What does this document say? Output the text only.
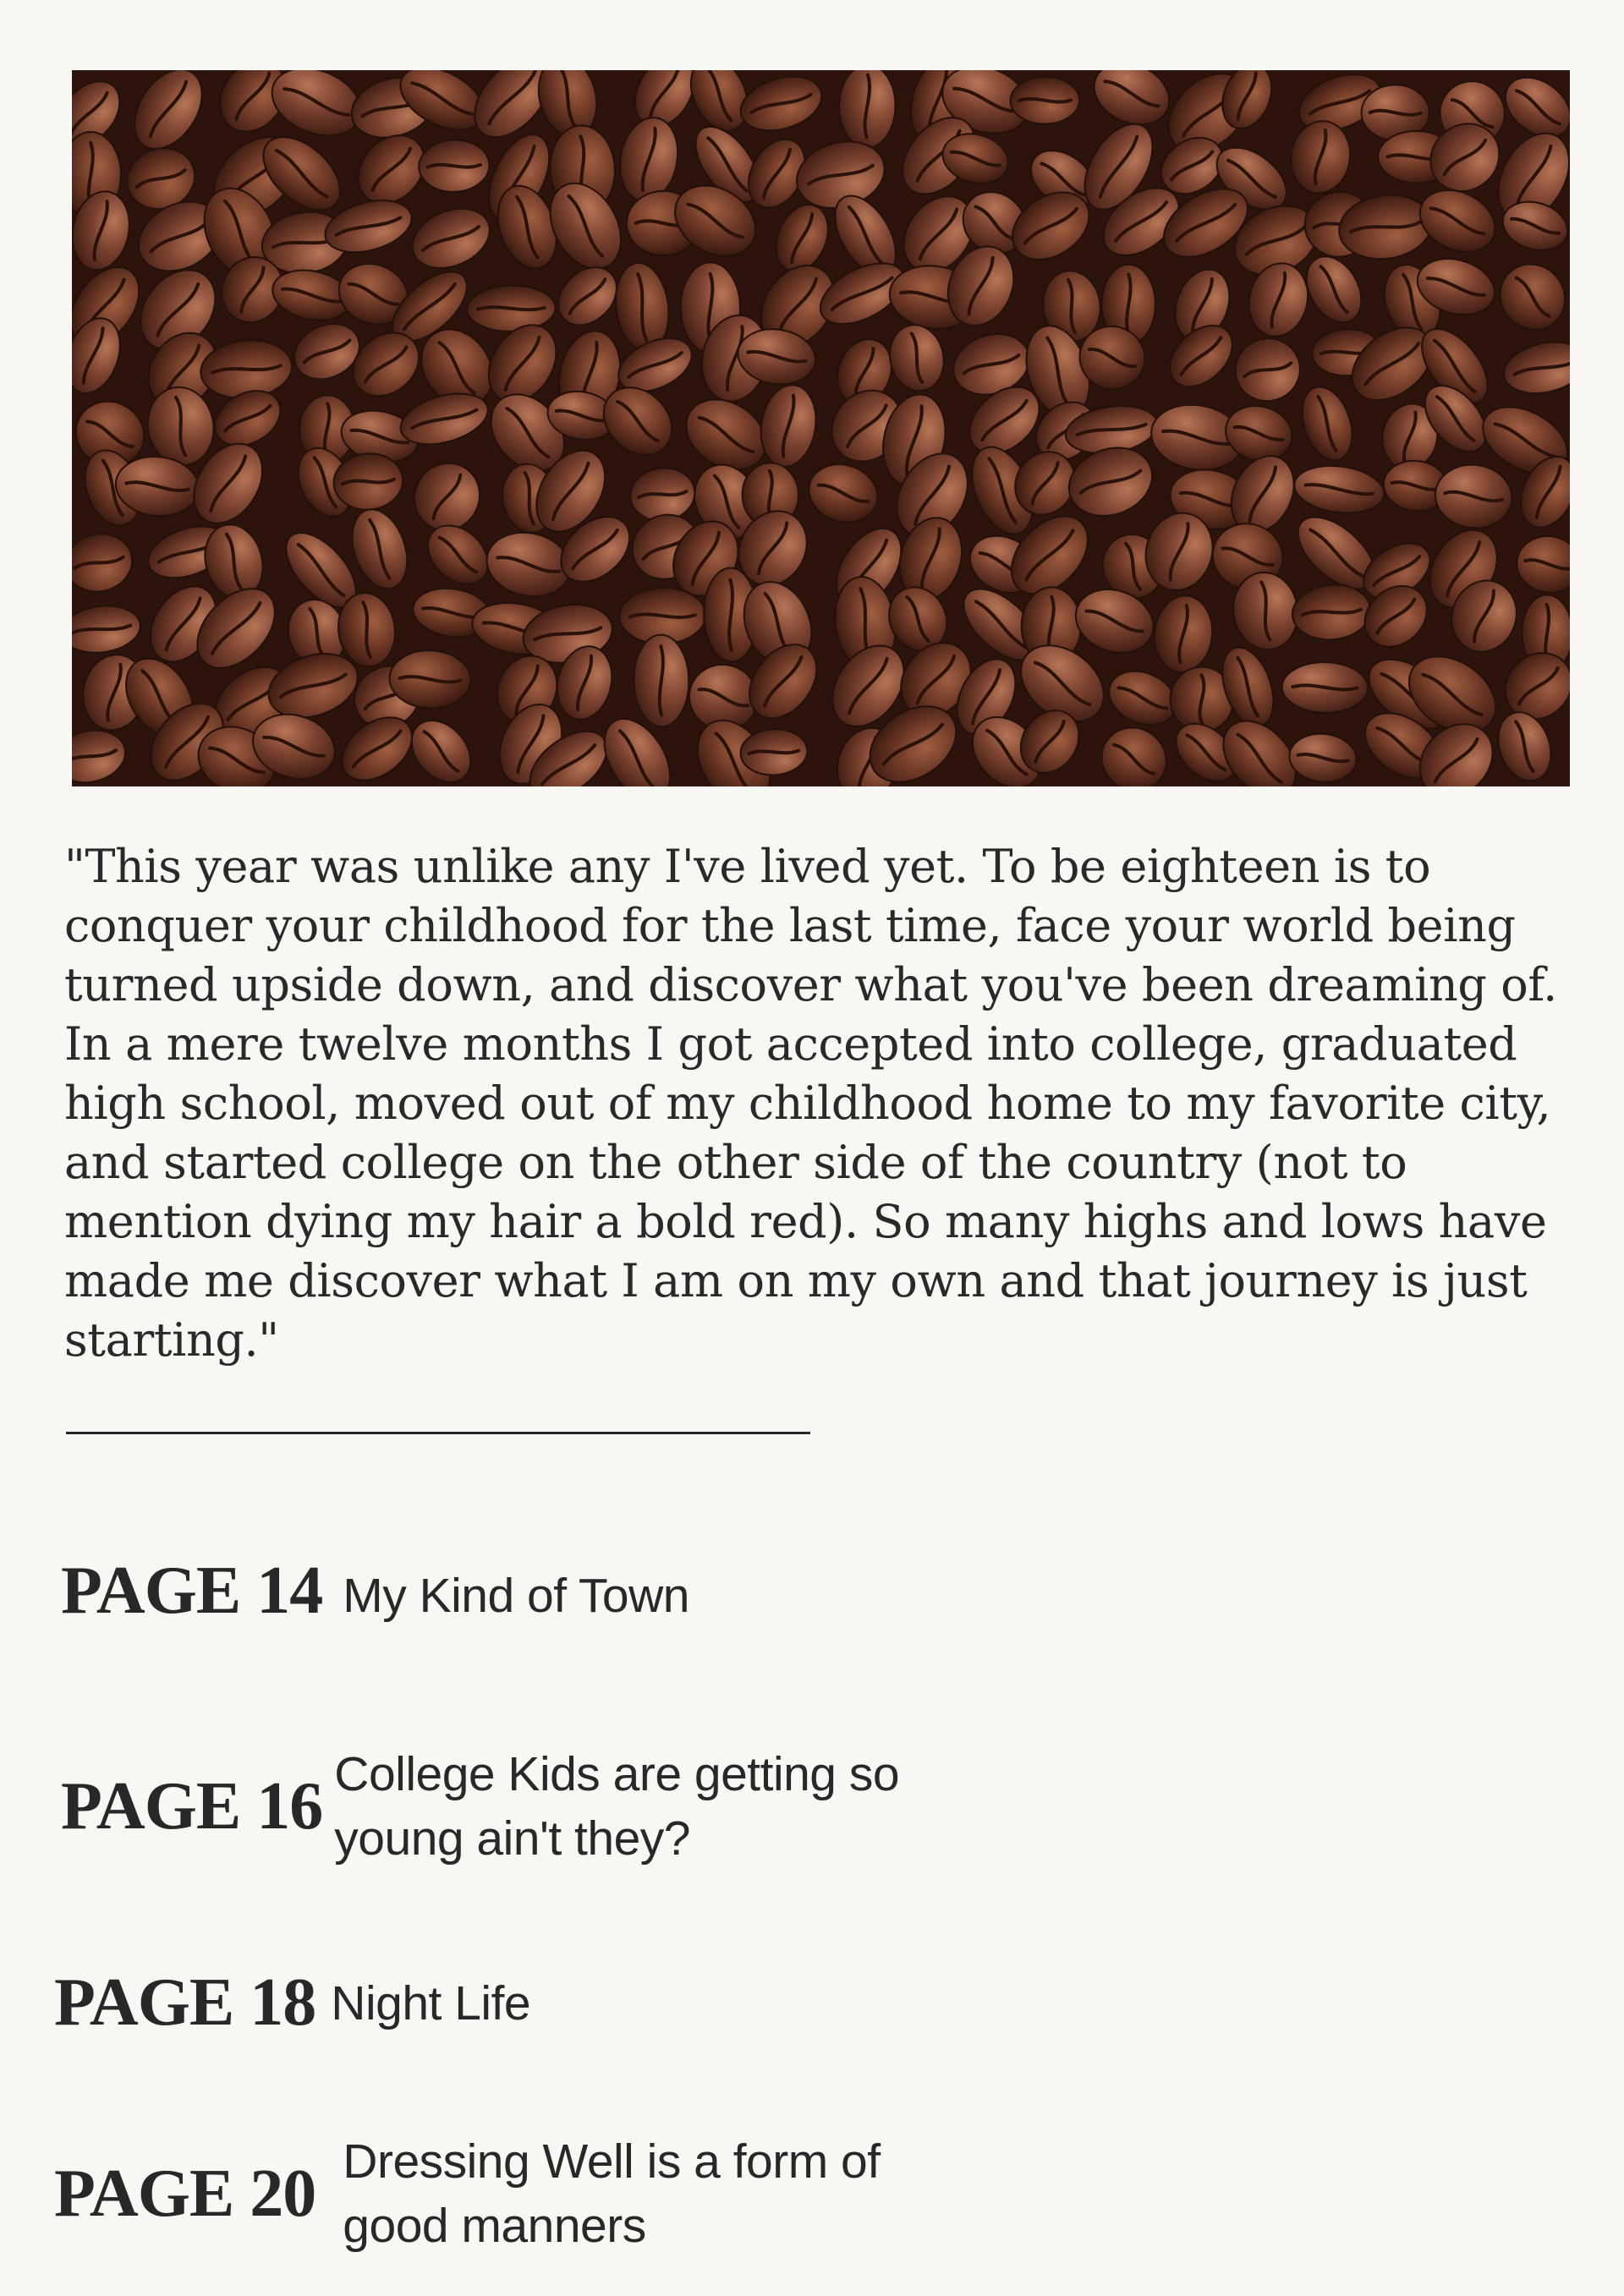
"This year was unlike any I've lived yet. To be eighteen is to conquer your childhood for the last time, face your world being turned upside down, and discover what you've been dreaming of. In a mere twelve months I got accepted into college, graduated high school, moved out of my childhood home to my favorite city, and started college on the other side of the country (not to mention dying my hair a bold red). So many highs and lows have made me discover what I am on my own and that journey is just starting."

PAGE 14 My Kind of Town
PAGE 16 College Kids are getting so young ain't they?
PAGE 18 Night Life
PAGE 20 Dressing Well is a form of good manners
